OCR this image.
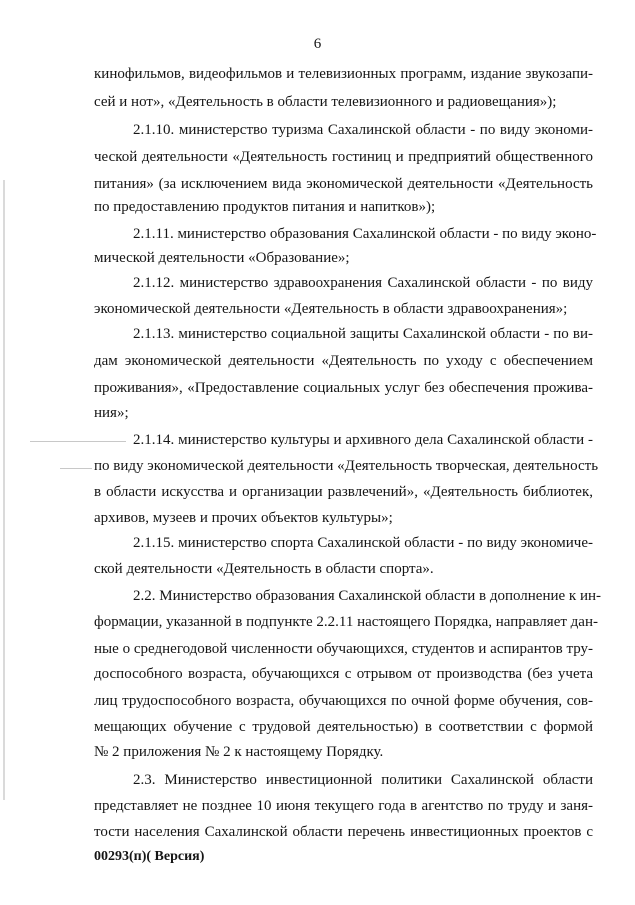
6
кинофильмов, видеофильмов и телевизионных программ, издание звукозапи-
сей и нот», «Деятельность в области телевизионного и радиовещания»);
2.1.10. министерство туризма Сахалинской области - по виду экономи-
ческой деятельности «Деятельность гостиниц и предприятий общественного
питания» (за исключением вида экономической деятельности «Деятельность
по предоставлению продуктов питания и напитков»);
2.1.11. министерство образования Сахалинской области - по виду эконо-
мической деятельности «Образование»;
2.1.12. министерство здравоохранения Сахалинской области - по виду
экономической деятельности «Деятельность в области здравоохранения»;
2.1.13. министерство социальной защиты Сахалинской области - по ви-
дам экономической деятельности «Деятельность по уходу с обеспечением
проживания», «Предоставление социальных услуг без обеспечения прожива-
ния»;
2.1.14. министерство культуры и архивного дела Сахалинской области -
по виду экономической деятельности «Деятельность творческая, деятельность
в области искусства и организации развлечений», «Деятельность библиотек,
архивов, музеев и прочих объектов культуры»;
2.1.15. министерство спорта Сахалинской области - по виду экономиче-
ской деятельности «Деятельность в области спорта».
2.2. Министерство образования Сахалинской области в дополнение к ин-
формации, указанной в подпункте 2.2.11 настоящего Порядка, направляет дан-
ные о среднегодовой численности обучающихся, студентов и аспирантов тру-
доспособного возраста, обучающихся с отрывом от производства (без учета
лиц трудоспособного возраста, обучающихся по очной форме обучения, сов-
мещающих обучение с трудовой деятельностью) в соответствии с формой
№ 2 приложения № 2 к настоящему Порядку.
2.3. Министерство инвестиционной политики Сахалинской области
представляет не позднее 10 июня текущего года в агентство по труду и заня-
тости населения Сахалинской области перечень инвестиционных проектов с
00293(п)( Версия)
